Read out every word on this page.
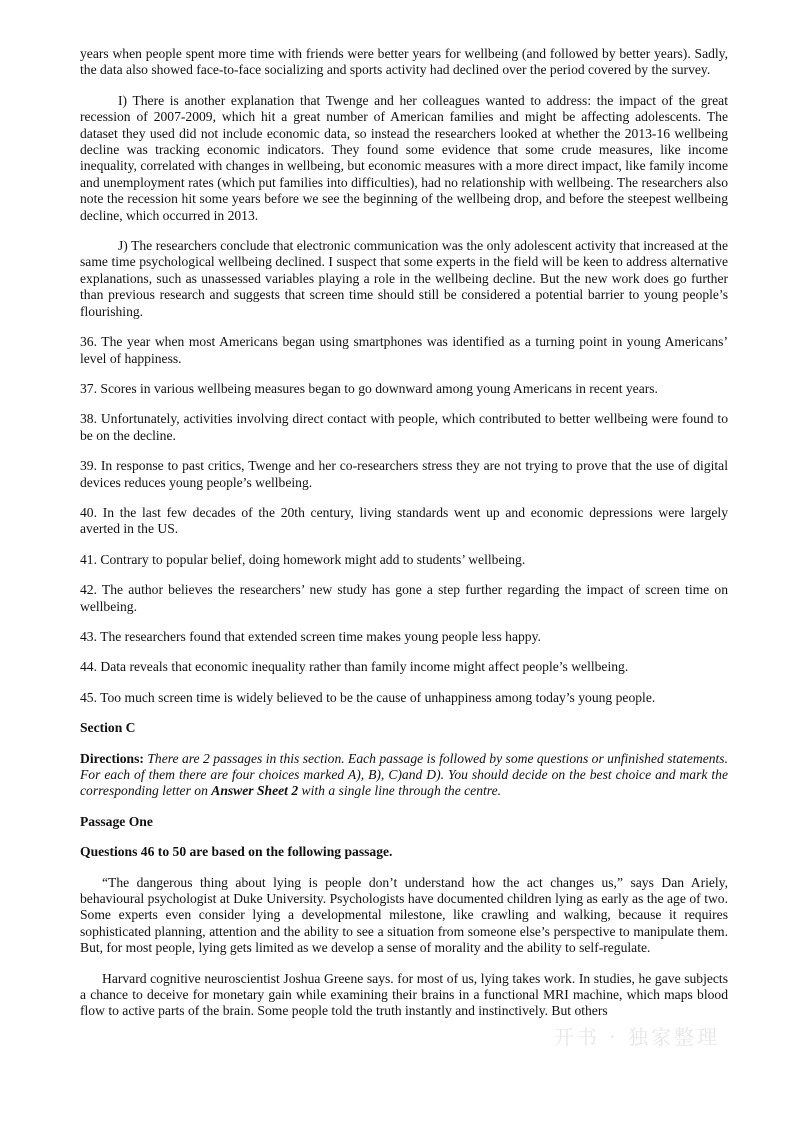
years when people spent more time with friends were better years for wellbeing (and followed by better years). Sadly, the data also showed face-to-face socializing and sports activity had declined over the period covered by the survey.

I) There is another explanation that Twenge and her colleagues wanted to address: the impact of the great recession of 2007-2009, which hit a great number of American families and might be affecting adolescents. The dataset they used did not include economic data, so instead the researchers looked at whether the 2013-16 wellbeing decline was tracking economic indicators. They found some evidence that some crude measures, like income inequality, correlated with changes in wellbeing, but economic measures with a more direct impact, like family income and unemployment rates (which put families into difficulties), had no relationship with wellbeing. The researchers also note the recession hit some years before we see the beginning of the wellbeing drop, and before the steepest wellbeing decline, which occurred in 2013.

J) The researchers conclude that electronic communication was the only adolescent activity that increased at the same time psychological wellbeing declined. I suspect that some experts in the field will be keen to address alternative explanations, such as unassessed variables playing a role in the wellbeing decline. But the new work does go further than previous research and suggests that screen time should still be considered a potential barrier to young people’s flourishing.

36. The year when most Americans began using smartphones was identified as a turning point in young Americans’ level of happiness.

37. Scores in various wellbeing measures began to go downward among young Americans in recent years.

38. Unfortunately, activities involving direct contact with people, which contributed to better wellbeing were found to be on the decline.

39. In response to past critics, Twenge and her co-researchers stress they are not trying to prove that the use of digital devices reduces young people’s wellbeing.

40. In the last few decades of the 20th century, living standards went up and economic depressions were largely averted in the US.

41. Contrary to popular belief, doing homework might add to students’ wellbeing.

42. The author believes the researchers’ new study has gone a step further regarding the impact of screen time on wellbeing.

43. The researchers found that extended screen time makes young people less happy.

44. Data reveals that economic inequality rather than family income might affect people’s wellbeing.

45. Too much screen time is widely believed to be the cause of unhappiness among today’s young people.

Section C

Directions: There are 2 passages in this section. Each passage is followed by some questions or unfinished statements. For each of them there are four choices marked A), B), C)and D). You should decide on the best choice and mark the corresponding letter on Answer Sheet 2 with a single line through the centre.

Passage One

Questions 46 to 50 are based on the following passage.

“The dangerous thing about lying is people don’t understand how the act changes us,” says Dan Ariely, behavioural psychologist at Duke University. Psychologists have documented children lying as early as the age of two. Some experts even consider lying a developmental milestone, like crawling and walking, because it requires sophisticated planning, attention and the ability to see a situation from someone else’s perspective to manipulate them. But, for most people, lying gets limited as we develop a sense of morality and the ability to self-regulate.

Harvard cognitive neuroscientist Joshua Greene says. for most of us, lying takes work. In studies, he gave subjects a chance to deceive for monetary gain while examining their brains in a functional MRI machine, which maps blood flow to active parts of the brain. Some people told the truth instantly and instinctively. But others

开书 · 独家整理
